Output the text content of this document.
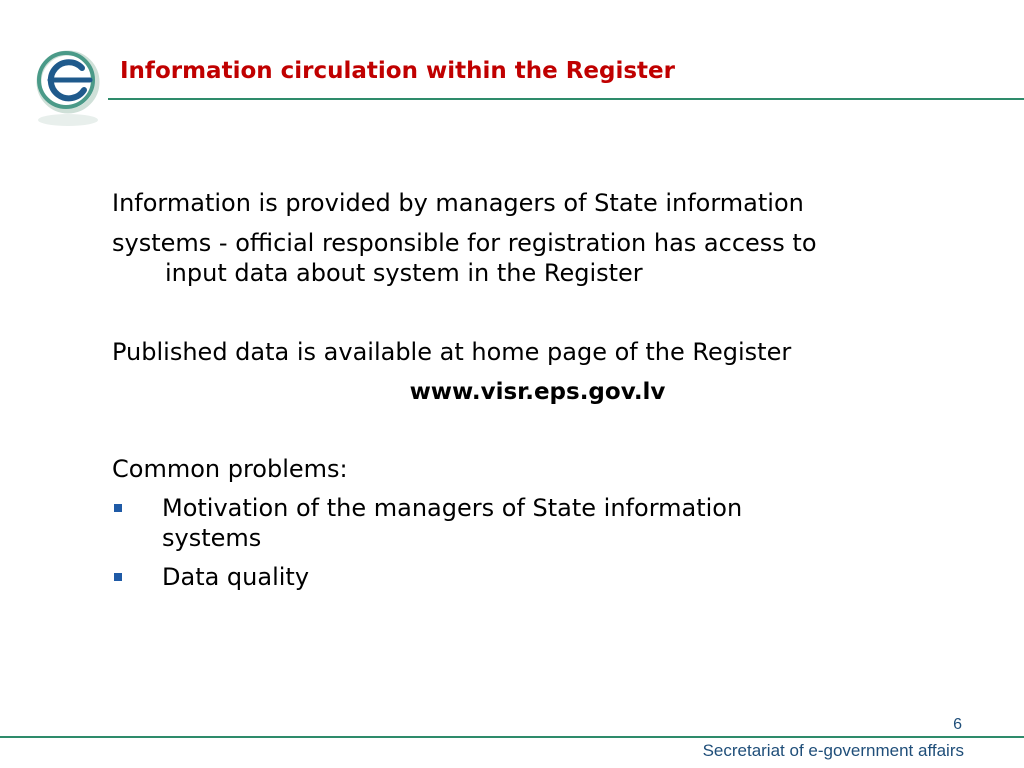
Information circulation within the Register
Information is provided by managers of State information
systems - official responsible for registration has access to
input data about system in the Register
Published data is available at home page of the Register
www.visr.eps.gov.lv
Common problems:
Motivation of the managers of State information
systems
Data quality
6
Secretariat of e-government affairs
